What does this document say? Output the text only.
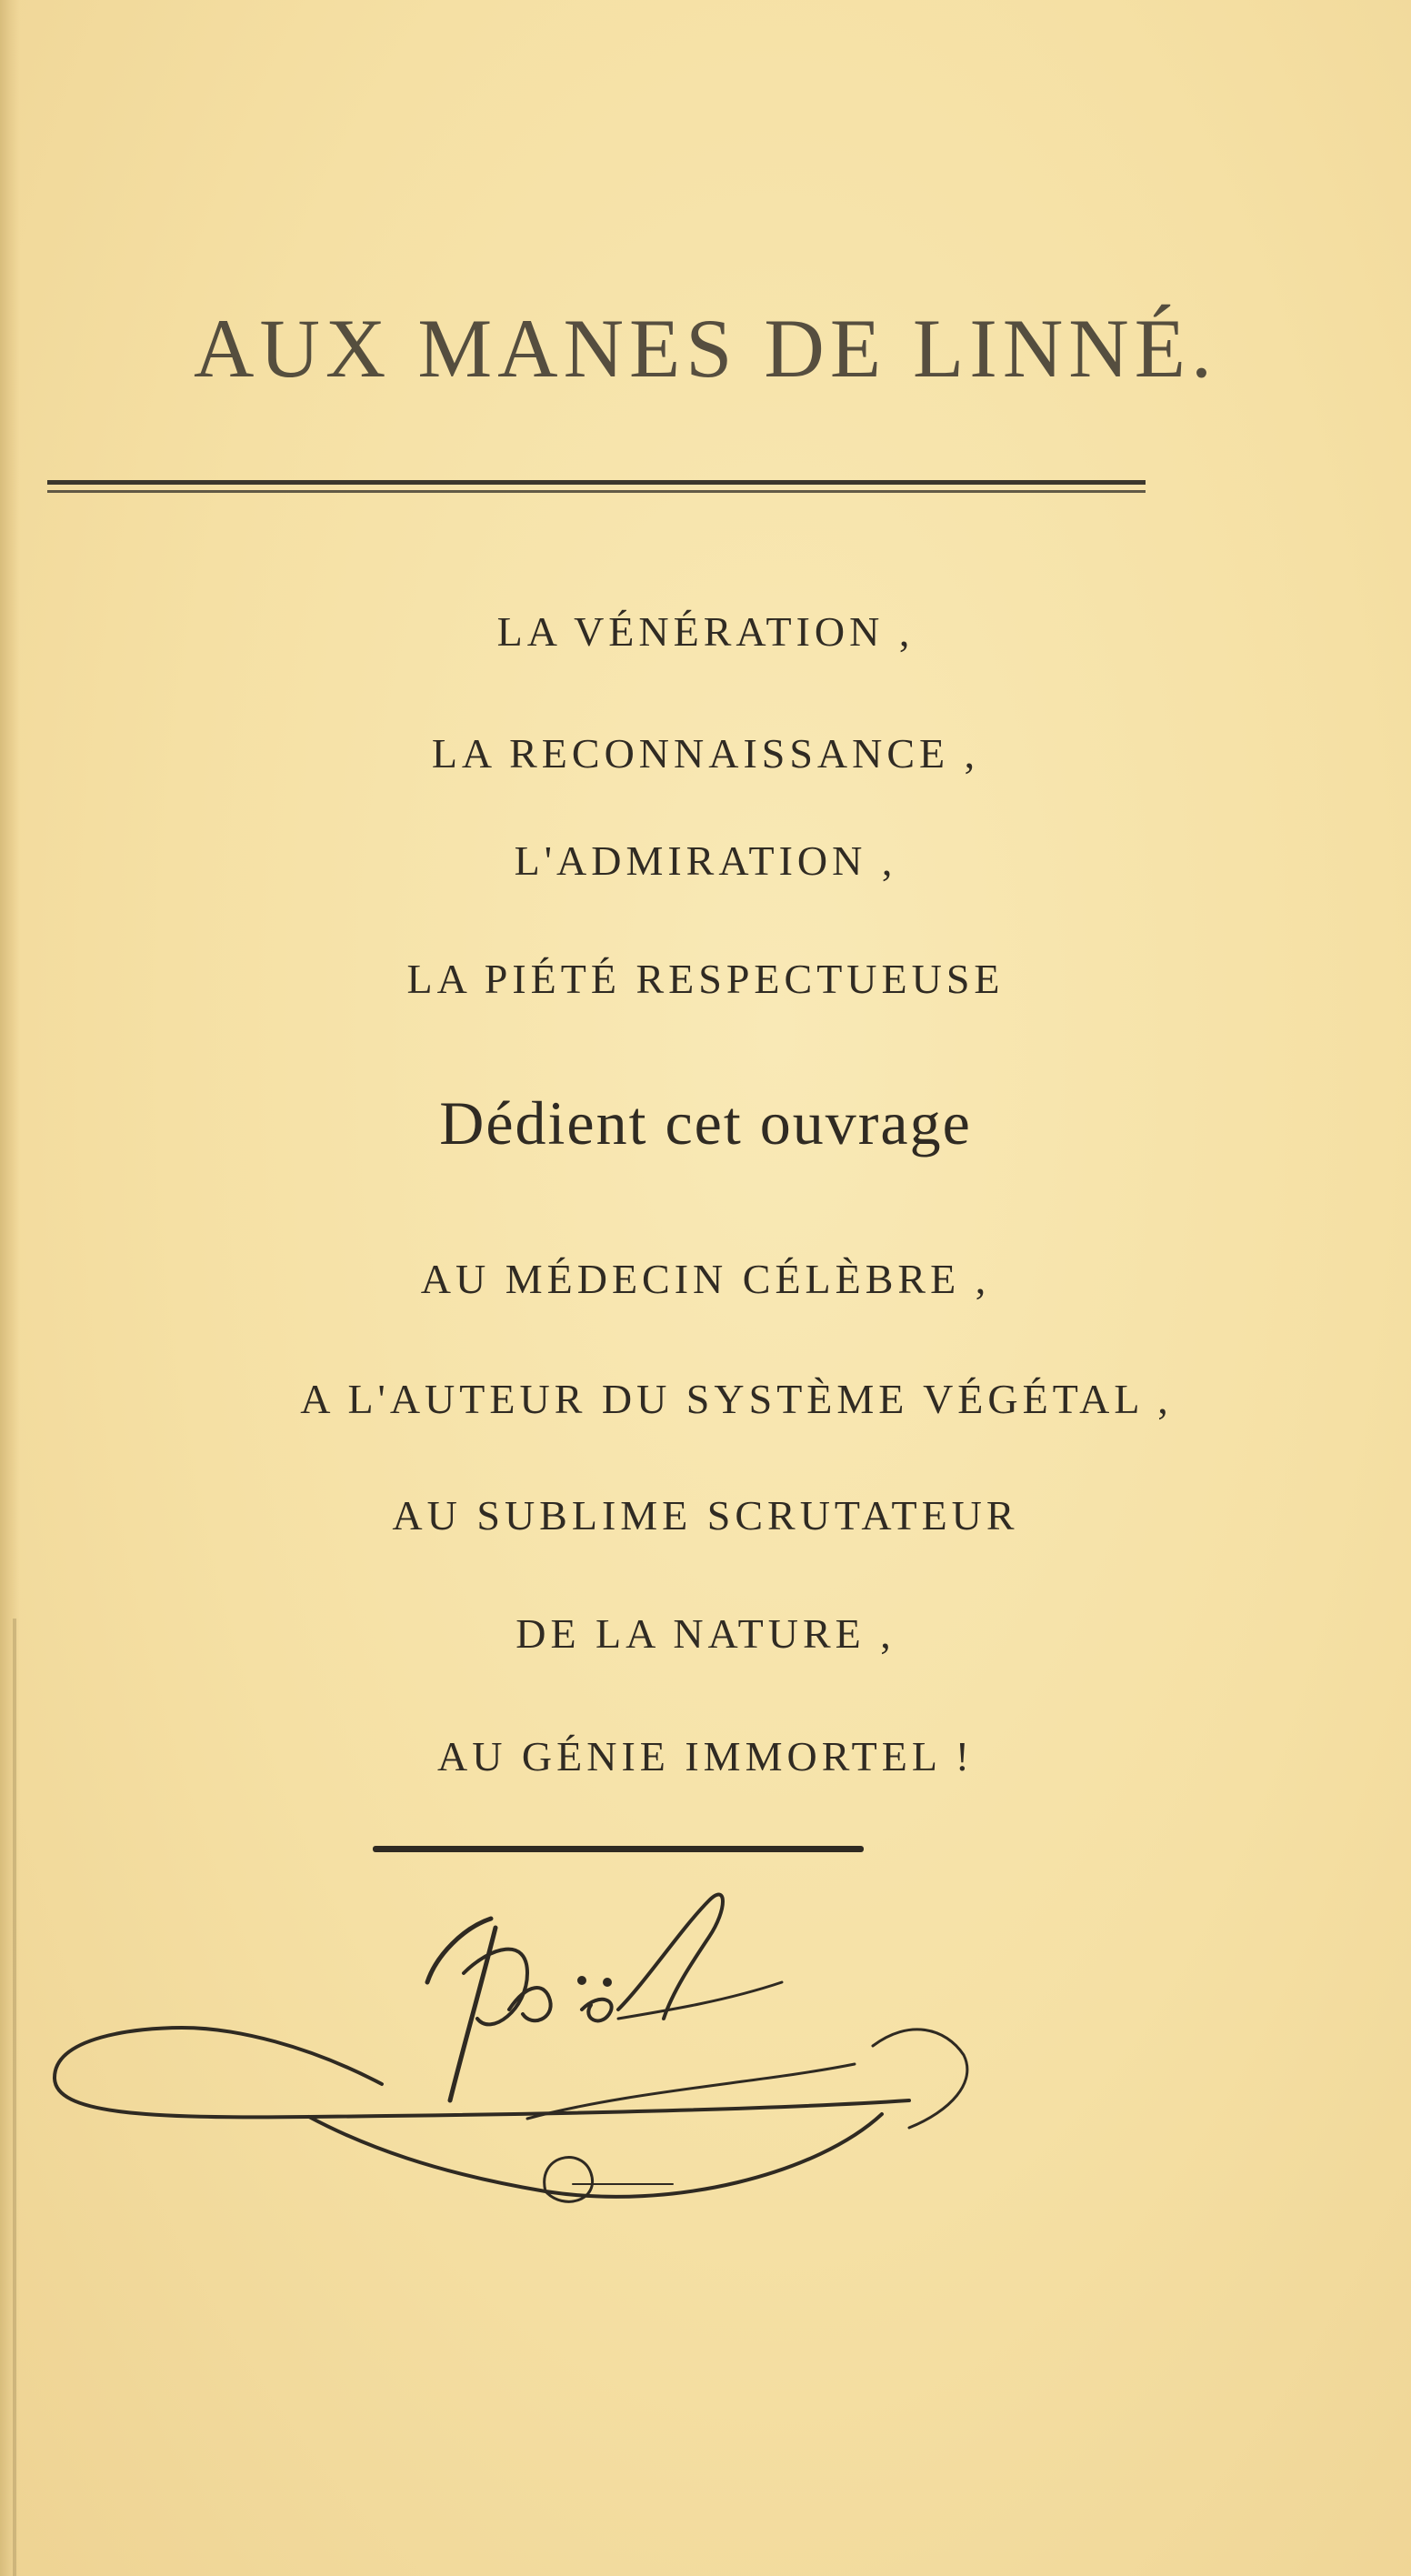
AUX MANES DE LINNÉ.
LA VÉNÉRATION ,
LA RECONNAISSANCE ,
L'ADMIRATION ,
LA PIÉTÉ RESPECTUEUSE
Dédient cet ouvrage
AU MÉDECIN CÉLÈBRE ,
A L'AUTEUR DU SYSTÈME VÉGÉTAL ,
AU SUBLIME SCRUTATEUR
DE LA NATURE ,
AU GÉNIE IMMORTEL !
